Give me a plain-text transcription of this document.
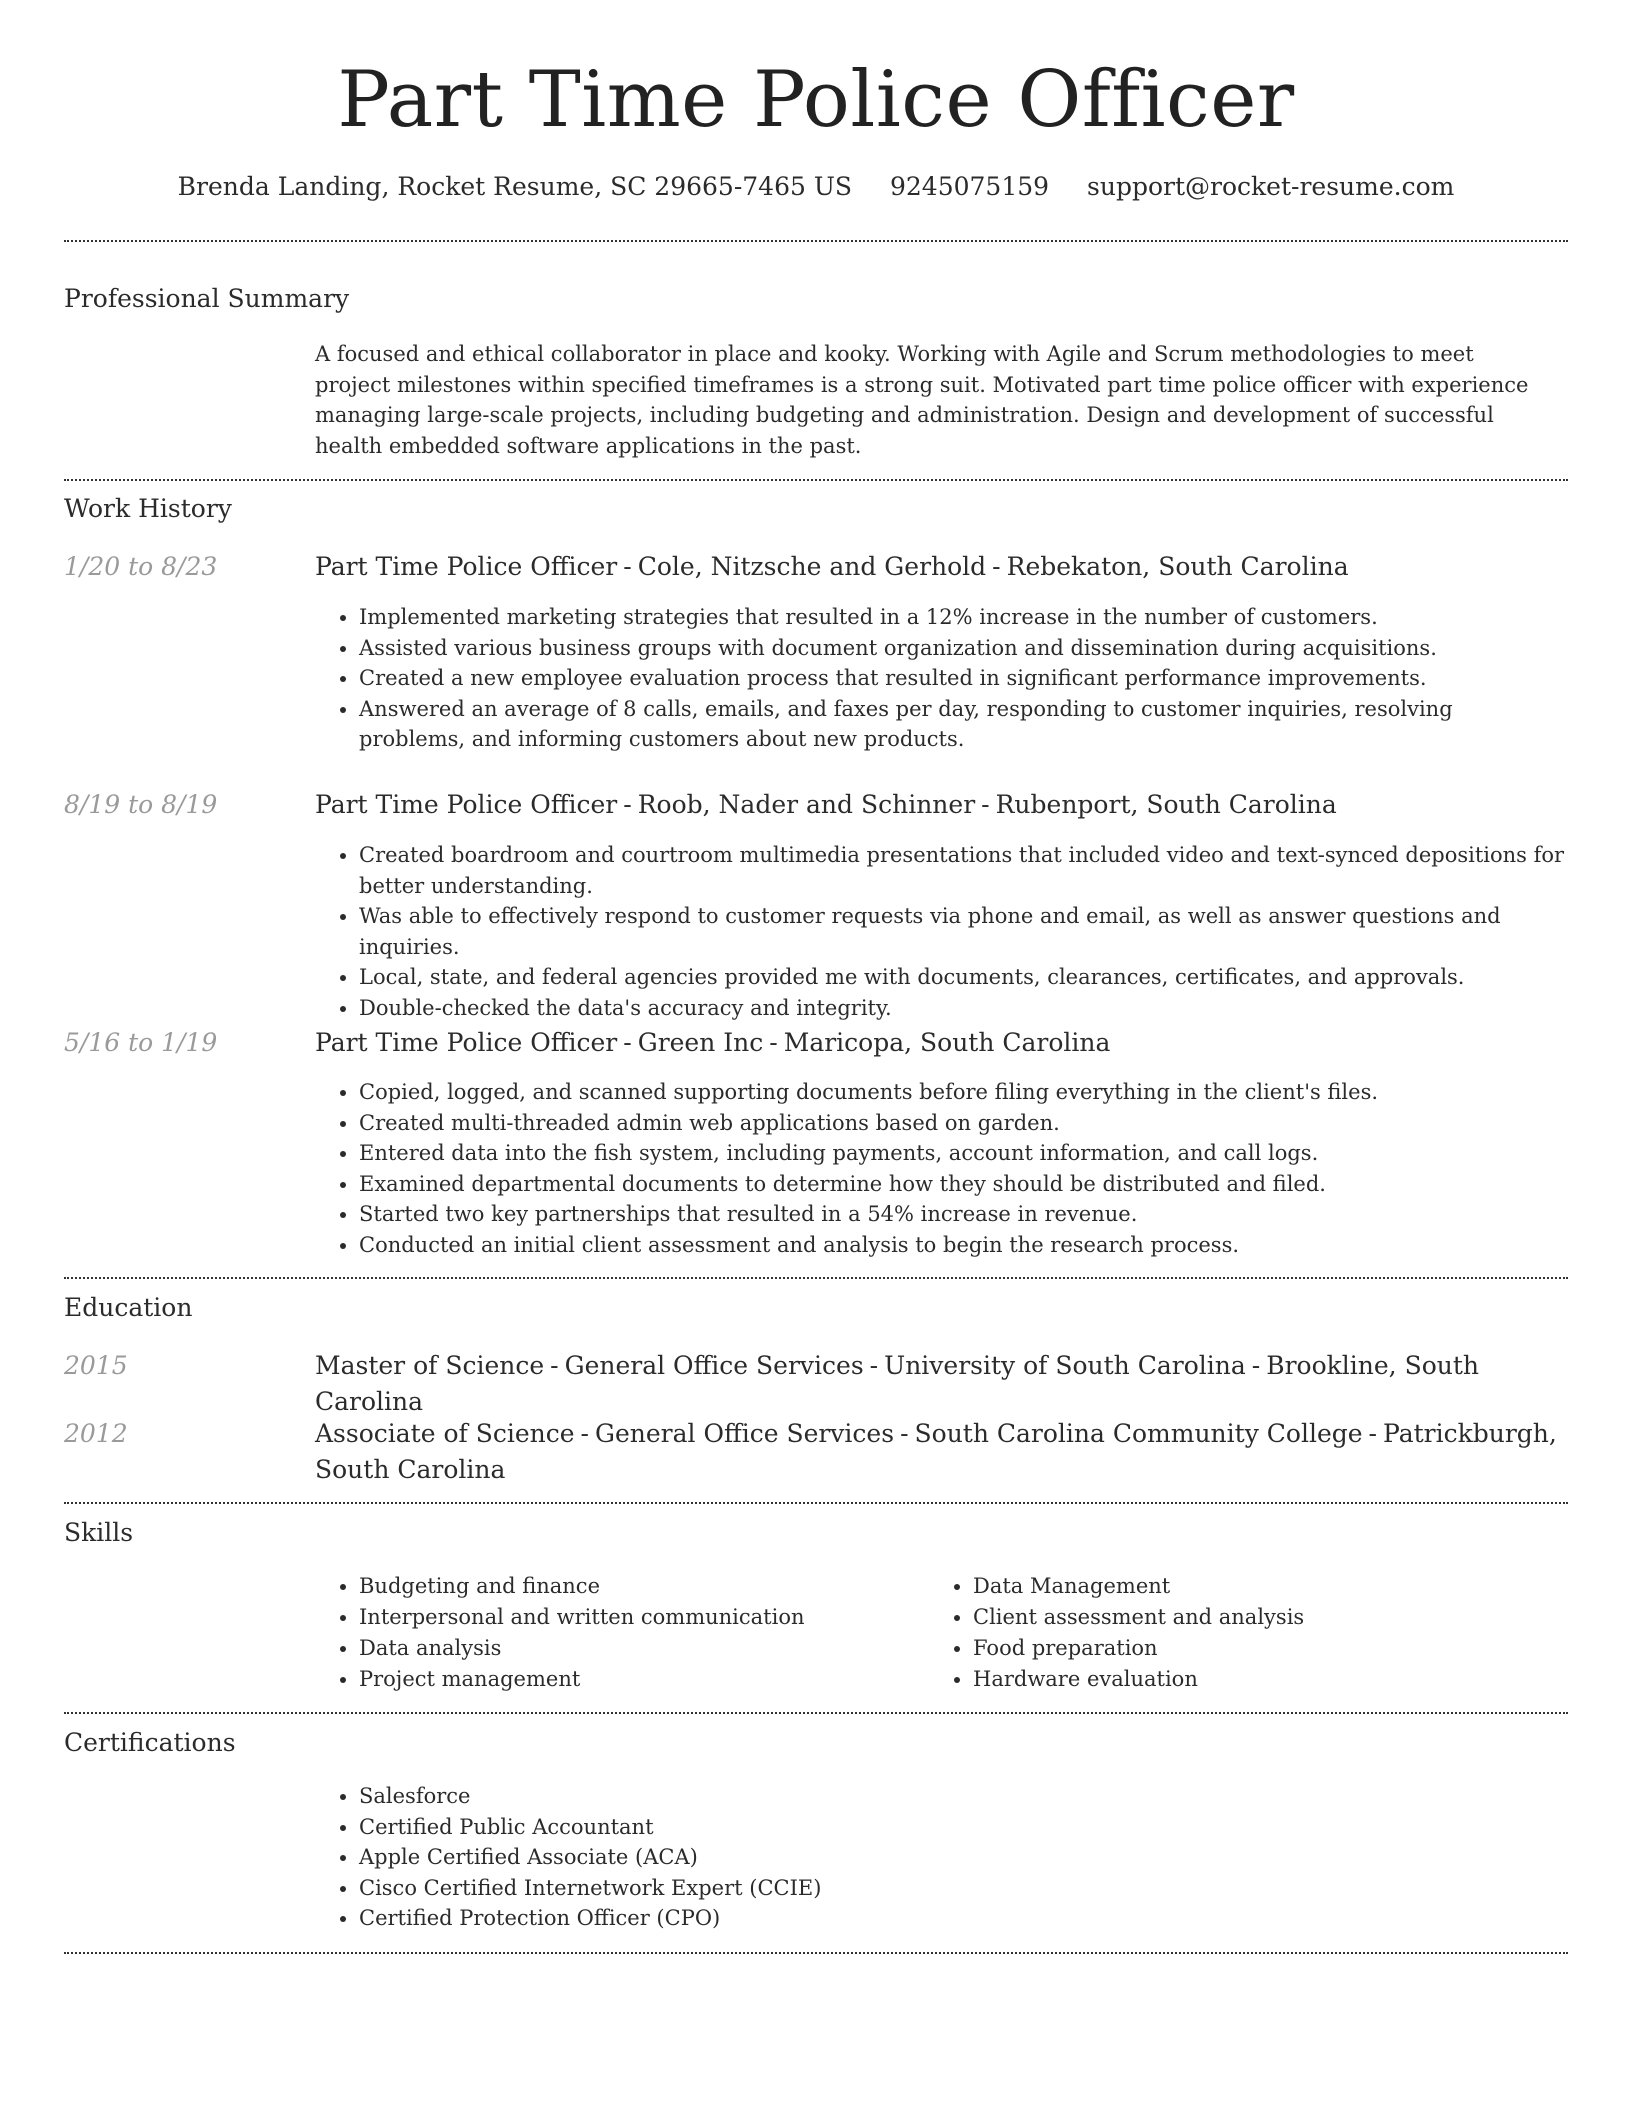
Part Time Police Officer
Brenda Landing, Rocket Resume, SC 29665-7465 US 9245075159 support@rocket-resume.com
Professional Summary

A focused and ethical collaborator in place and kooky. Working with Agile and Scrum methodologies to meet project milestones within specified timeframes is a strong suit. Motivated part time police officer with experience managing large-scale projects, including budgeting and administration. Design and development of successful health embedded software applications in the past.

Work History
1/20 to 8/23	Part Time Police Officer - Cole, Nitzsche and Gerhold - Rebekaton, South Carolina
• Implemented marketing strategies that resulted in a 12% increase in the number of customers.
• Assisted various business groups with document organization and dissemination during acquisitions.
• Created a new employee evaluation process that resulted in significant performance improvements.
• Answered an average of 8 calls, emails, and faxes per day, responding to customer inquiries, resolving problems, and informing customers about new products.
8/19 to 8/19	Part Time Police Officer - Roob, Nader and Schinner - Rubenport, South Carolina
• Created boardroom and courtroom multimedia presentations that included video and text-synced depositions for better understanding.
• Was able to effectively respond to customer requests via phone and email, as well as answer questions and inquiries.
• Local, state, and federal agencies provided me with documents, clearances, certificates, and approvals.
• Double-checked the data's accuracy and integrity.
5/16 to 1/19	Part Time Police Officer - Green Inc - Maricopa, South Carolina
• Copied, logged, and scanned supporting documents before filing everything in the client's files.
• Created multi-threaded admin web applications based on garden.
• Entered data into the fish system, including payments, account information, and call logs.
• Examined departmental documents to determine how they should be distributed and filed.
• Started two key partnerships that resulted in a 54% increase in revenue.
• Conducted an initial client assessment and analysis to begin the research process.
Education
2015	Master of Science - General Office Services - University of South Carolina - Brookline, South Carolina
2012	Associate of Science - General Office Services - South Carolina Community College - Patrickburgh, South Carolina
Skills
• Budgeting and finance
• Interpersonal and written communication
• Data analysis
• Project management
• Data Management
• Client assessment and analysis
• Food preparation
• Hardware evaluation
Certifications
• Salesforce
• Certified Public Accountant
• Apple Certified Associate (ACA)
• Cisco Certified Internetwork Expert (CCIE)
• Certified Protection Officer (CPO)
